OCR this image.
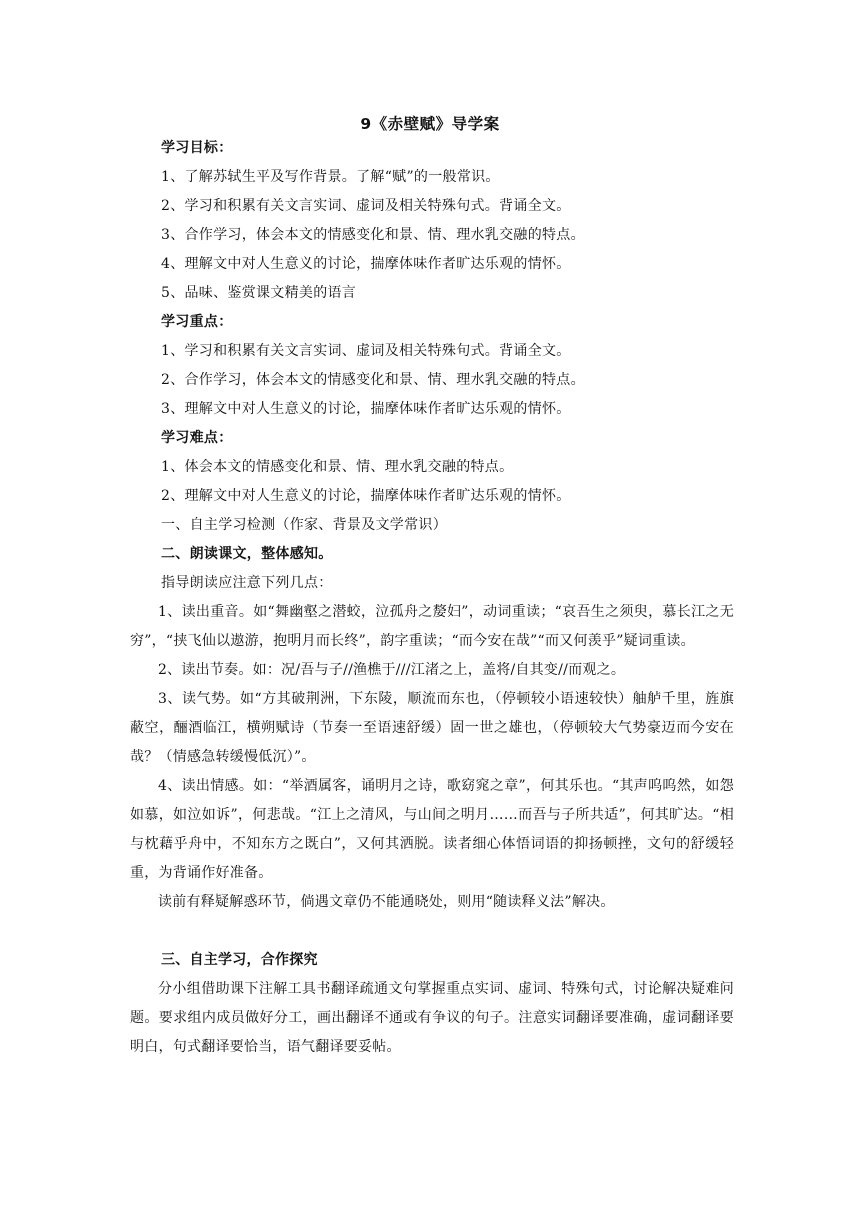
9《赤壁赋》导学案
学习目标：
1、了解苏轼生平及写作背景。了解“赋”的一般常识。
2、学习和积累有关文言实词、虚词及相关特殊句式。背诵全文。
3、合作学习，体会本文的情感变化和景、情、理水乳交融的特点。
4、理解文中对人生意义的讨论，揣摩体味作者旷达乐观的情怀。
5、品味、鉴赏课文精美的语言
学习重点：
1、学习和积累有关文言实词、虚词及相关特殊句式。背诵全文。
2、合作学习，体会本文的情感变化和景、情、理水乳交融的特点。
3、理解文中对人生意义的讨论，揣摩体味作者旷达乐观的情怀。
学习难点：
1、体会本文的情感变化和景、情、理水乳交融的特点。
2、理解文中对人生意义的讨论，揣摩体味作者旷达乐观的情怀。
一、自主学习检测（作家、背景及文学常识）
二、朗读课文，整体感知。
指导朗读应注意下列几点：
1、读出重音。如“舞幽壑之潜蛟，泣孤舟之嫠妇”，动词重读；“哀吾生之须臾，慕长江之无穷”，“挟飞仙以遨游，抱明月而长终”，韵字重读；“而今安在哉”“而又何羡乎”疑词重读。
2、读出节奏。如：况/吾与子//渔樵于///江渚之上，盖将/自其变//而观之。
3、读气势。如“方其破荆洲，下东陵，顺流而东也，（停顿较小语速较快）舳舻千里，旌旗蔽空，酾酒临江，横朔赋诗（节奏一至语速舒缓）固一世之雄也，（停顿较大气势豪迈而今安在哉？（情感急转缓慢低沉）”。
4、读出情感。如：“举酒属客，诵明月之诗，歌窈窕之章”，何其乐也。“其声呜呜然，如怨如慕，如泣如诉”，何悲哉。“江上之清风，与山间之明月……而吾与子所共适”，何其旷达。“相与枕藉乎舟中，不知东方之既白”，又何其洒脱。读者细心体悟词语的抑扬顿挫，文句的舒缓轻重，为背诵作好准备。
读前有释疑解惑环节，倘遇文章仍不能通晓处，则用“随读释义法”解决。
三、自主学习，合作探究
分小组借助课下注解工具书翻译疏通文句掌握重点实词、虚词、特殊句式，讨论解决疑难问题。要求组内成员做好分工，画出翻译不通或有争议的句子。注意实词翻译要准确，虚词翻译要明白，句式翻译要恰当，语气翻译要妥帖。
